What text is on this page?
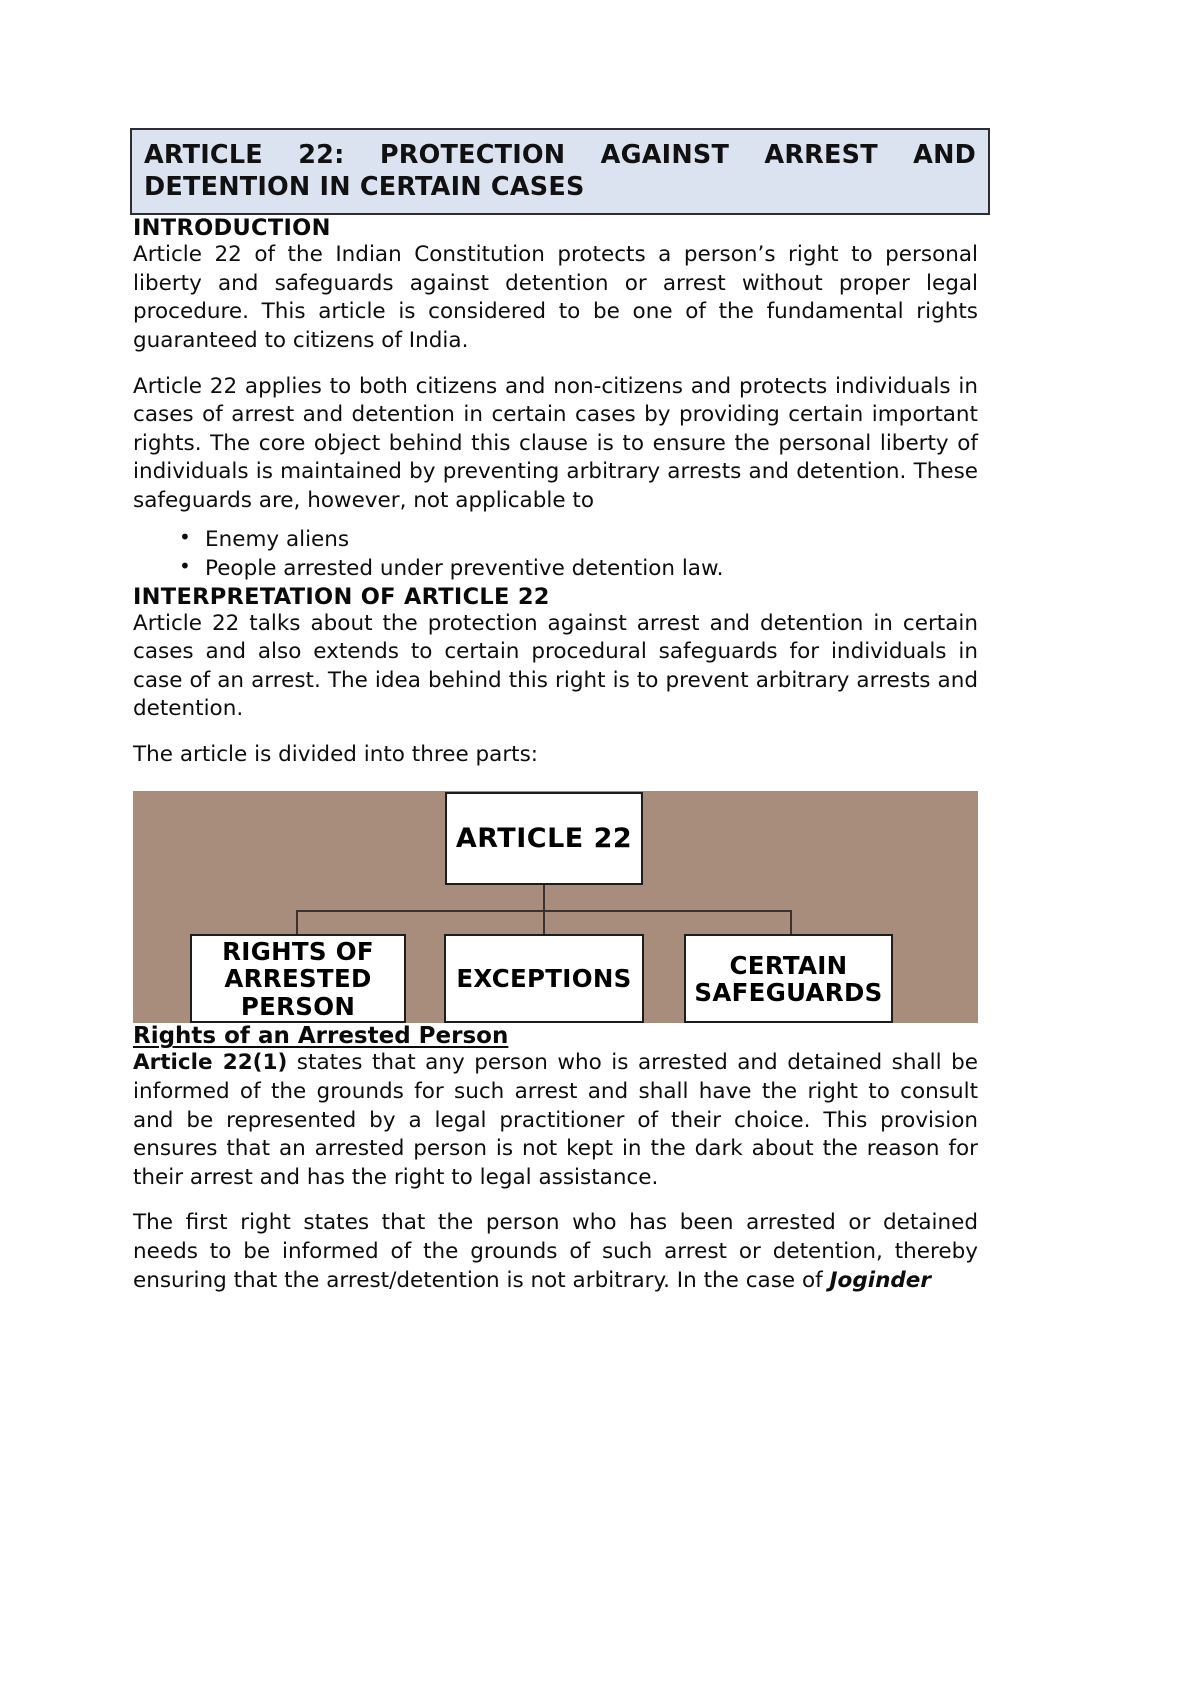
ARTICLE 22: PROTECTION AGAINST ARREST AND
DETENTION IN CERTAIN CASES
INTRODUCTION

Article 22 of the Indian Constitution protects a person’s right to personal liberty and safeguards against detention or arrest without proper legal procedure. This article is considered to be one of the fundamental rights guaranteed to citizens of India.

Article 22 applies to both citizens and non-citizens and protects individuals in cases of arrest and detention in certain cases by providing certain important rights. The core object behind this clause is to ensure the personal liberty of individuals is maintained by preventing arbitrary arrests and detention. These safeguards are, however, not applicable to

• Enemy aliens
• People arrested under preventive detention law.
INTERPRETATION OF ARTICLE 22

Article 22 talks about the protection against arrest and detention in certain cases and also extends to certain procedural safeguards for individuals in case of an arrest. The idea behind this right is to prevent arbitrary arrests and detention.

The article is divided into three parts:

ARTICLE 22
RIGHTS OF
ARRESTED
PERSON
EXCEPTIONS	CERTAIN
SAFEGUARDS
Rights of an Arrested Person

Article 22(1) states that any person who is arrested and detained shall be informed of the grounds for such arrest and shall have the right to consult and be represented by a legal practitioner of their choice. This provision ensures that an arrested person is not kept in the dark about the reason for their arrest and has the right to legal assistance.

The first right states that the person who has been arrested or detained needs to be informed of the grounds of such arrest or detention, thereby ensuring that the arrest/detention is not arbitrary. In the case of Joginder
